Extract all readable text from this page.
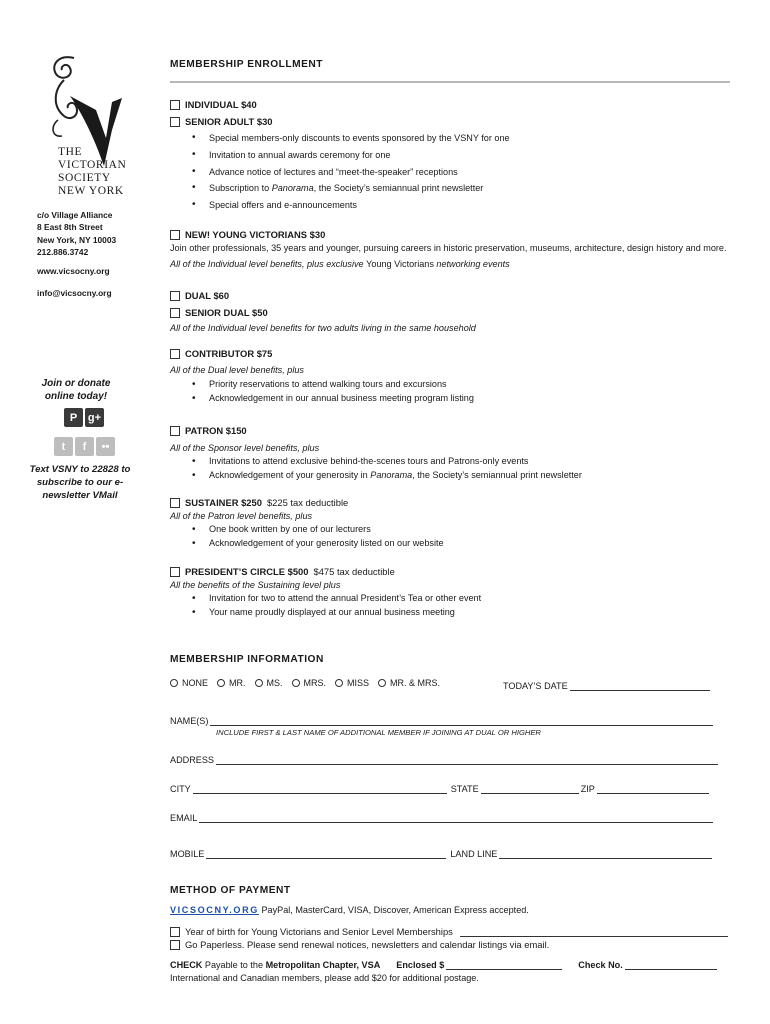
THE
VICTORIAN
SOCIETY
NEW YORK
c/o Village Alliance
8 East 8th Street
New York, NY 10003
212.886.3742
www.vicsocny.org
info@vicsocny.org
Join or donate
online today!
P g+
t	f	••
Text VSNY to 22828 to
subscribe to our e-
newsletter VMail
MEMBERSHIP ENROLLMENT
INDIVIDUAL $40
SENIOR ADULT $30
• Special members-only discounts to events sponsored by the VSNY for one
• Invitation to annual awards ceremony for one
• Advance notice of lectures and “meet-the-speaker” receptions
• Subscription to Panorama, the Society’s semiannual print newsletter
• Special offers and e-announcements
NEW! YOUNG VICTORIANS $30
Join other professionals, 35 years and younger, pursuing careers in historic preservation, museums, architecture, design history and more.
All of the Individual level benefits, plus exclusive Young Victorians networking events
DUAL $60
SENIOR DUAL $50
All of the Individual level benefits for two adults living in the same household
CONTRIBUTOR $75
All of the Dual level benefits, plus
• Priority reservations to attend walking tours and excursions
• Acknowledgement in our annual business meeting program listing
PATRON $150
All of the Sponsor level benefits, plus
• Invitations to attend exclusive behind-the-scenes tours and Patrons-only events
• Acknowledgement of your generosity in Panorama, the Society’s semiannual print newsletter
SUSTAINER $250 $225 tax deductible
All of the Patron level benefits, plus
• One book written by one of our lecturers
• Acknowledgement of your generosity listed on our website
PRESIDENT’S CIRCLE $500 $475 tax deductible
All the benefits of the Sustaining level plus
• Invitation for two to attend the annual President’s Tea or other event
• Your name proudly displayed at our annual business meeting
MEMBERSHIP INFORMATION
NONE MR. MS. MRS. MISS MR. & MRS.	TODAY’S DATE
NAME(S)
INCLUDE FIRST & LAST NAME OF ADDITIONAL MEMBER IF JOINING AT DUAL OR HIGHER
ADDRESS
CITY	STATE	ZIP
EMAIL
MOBILE	LAND LINE
METHOD OF PAYMENT
VICSOCNY.ORG PayPal, MasterCard, VISA, Discover, American Express accepted.
Year of birth for Young Victorians and Senior Level Memberships
Go Paperless. Please send renewal notices, newsletters and calendar listings via email.
CHECK
Payable to the
Metropolitan Chapter, VSA Enclosed $	Check No.
International and Canadian members, please add $20 for additional postage.
